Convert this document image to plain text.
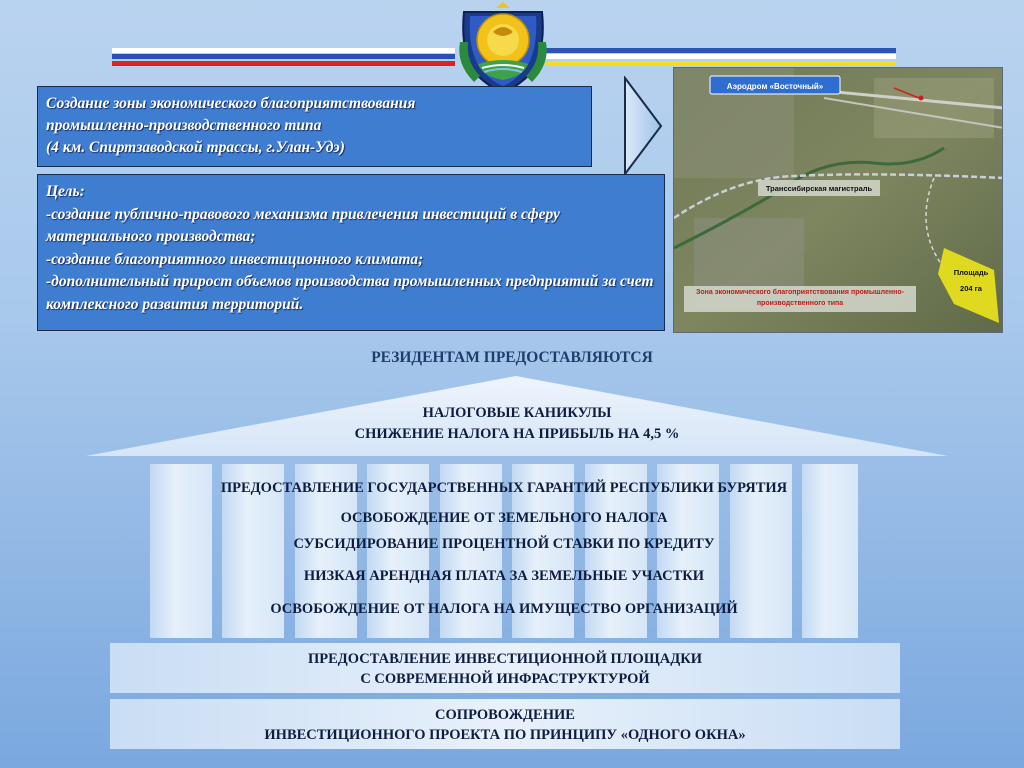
Создание зоны экономического благоприятствования
промышленно-производственного типа
(4 км. Спиртзаводской трассы, г.Улан-Удэ)
Цель:
-создание публично-правового механизма привлечения инвестиций в сферу материального производства;
-создание благоприятного инвестиционного климата;
-дополнительный прирост объемов производства промышленных предприятий за счет комплексного развития территорий.
Аэродром «Восточный»
Транссибирская магистраль
Площадь
204 га
Зона экономического благоприятствования промышленно-производственного типа
РЕЗИДЕНТАМ ПРЕДОСТАВЛЯЮТСЯ
НАЛОГОВЫЕ КАНИКУЛЫ
СНИЖЕНИЕ НАЛОГА НА ПРИБЫЛЬ НА 4,5 %
ПРЕДОСТАВЛЕНИЕ ГОСУДАРСТВЕННЫХ ГАРАНТИЙ РЕСПУБЛИКИ БУРЯТИЯ
ОСВОБОЖДЕНИЕ ОТ ЗЕМЕЛЬНОГО НАЛОГА
СУБСИДИРОВАНИЕ ПРОЦЕНТНОЙ СТАВКИ ПО КРЕДИТУ
НИЗКАЯ АРЕНДНАЯ ПЛАТА ЗА ЗЕМЕЛЬНЫЕ УЧАСТКИ
ОСВОБОЖДЕНИЕ ОТ НАЛОГА НА ИМУЩЕСТВО ОРГАНИЗАЦИЙ
ПРЕДОСТАВЛЕНИЕ ИНВЕСТИЦИОННОЙ ПЛОЩАДКИ
С СОВРЕМЕННОЙ ИНФРАСТРУКТУРОЙ
СОПРОВОЖДЕНИЕ
ИНВЕСТИЦИОННОГО ПРОЕКТА ПО ПРИНЦИПУ «ОДНОГО ОКНА»
